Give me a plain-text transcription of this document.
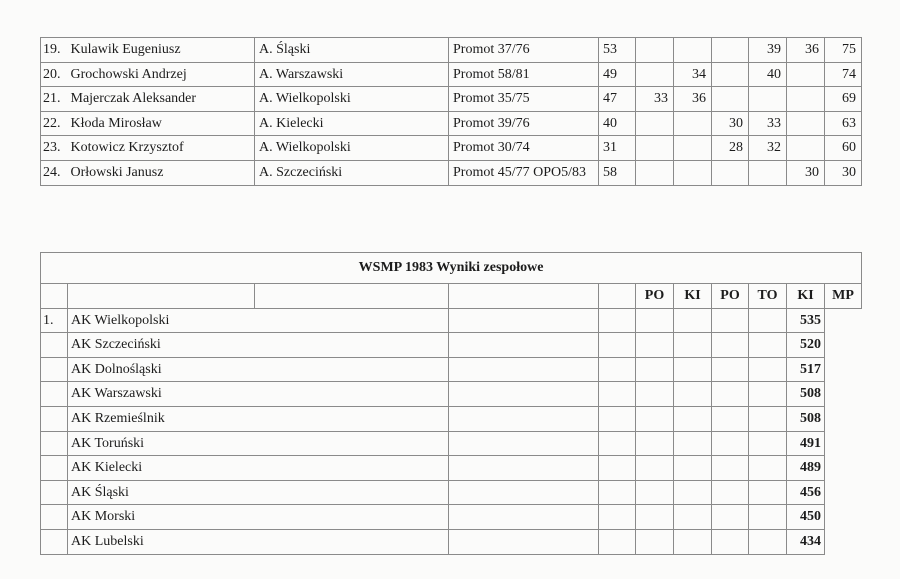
19.	Kulawik Eugeniusz	A. Śląski	Promot 37/76	53				39	36	75
20.	Grochowski Andrzej	A. Warszawski	Promot 58/81	49		34		40		74
21.	Majerczak Aleksander	A. Wielkopolski	Promot 35/75	47	33	36				69
22.	Kłoda Mirosław	A. Kielecki	Promot 39/76	40			30	33		63
23.	Kotowicz Krzysztof	A. Wielkopolski	Promot 30/74	31			28	32		60
24.	Orłowski Janusz	A. Szczeciński	Promot 45/77 OPO5/83	58					30	30
WSMP 1983 Wyniki zespołowe										
					PO	KI	PO	TO	KI	MP
1.	AK Wielkopolski								535	
	AK Szczeciński								520	
	AK Dolnośląski								517	
	AK Warszawski								508	
	AK Rzemieślnik								508	
	AK Toruński								491	
	AK Kielecki								489	
	AK Śląski								456	
	AK Morski								450	
	AK Lubelski								434	
